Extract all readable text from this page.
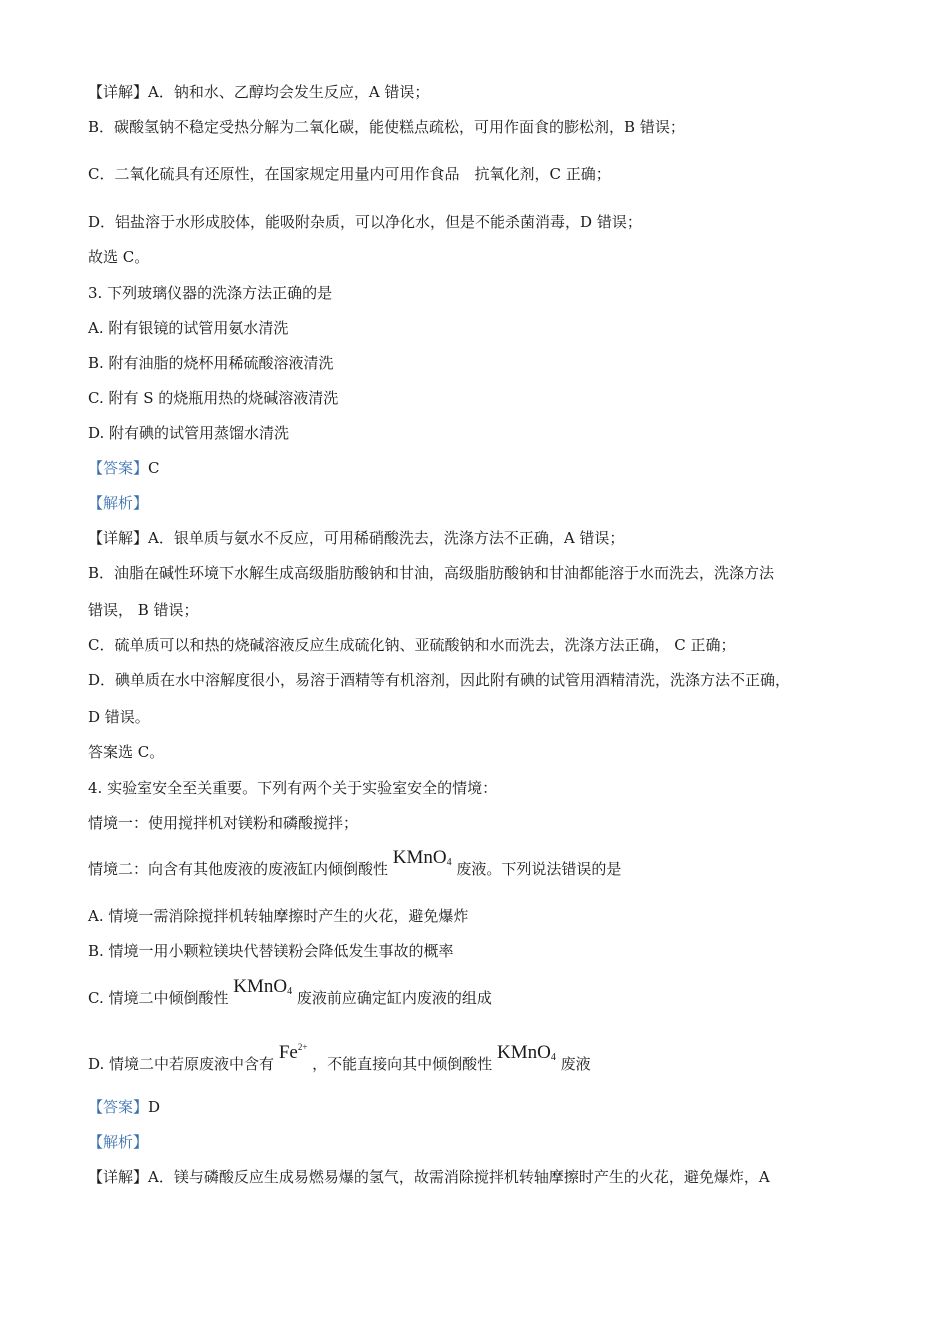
【详解】A．钠和水、乙醇均会发生反应，A 错误；
B．碳酸氢钠不稳定受热分解为二氧化碳，能使糕点疏松，可用作面食的膨松剂，B 错误；
C．二氧化硫具有还原性，在国家规定用量内可用作食品　抗氧化剂，C 正确；
D．铝盐溶于水形成胶体，能吸附杂质，可以净化水，但是不能杀菌消毒，D 错误；
故选 C。
3. 下列玻璃仪器的洗涤方法正确的是
A. 附有银镜的试管用氨水清洗
B. 附有油脂的烧杯用稀硫酸溶液清洗
C. 附有 S 的烧瓶用热的烧碱溶液清洗
D. 附有碘的试管用蒸馏水清洗
【答案】C
【解析】
【详解】A．银单质与氨水不反应，可用稀硝酸洗去，洗涤方法不正确，A 错误；
B．油脂在碱性环境下水解生成高级脂肪酸钠和甘油，高级脂肪酸钠和甘油都能溶于水而洗去，洗涤方法
错误， B 错误；
C．硫单质可以和热的烧碱溶液反应生成硫化钠、亚硫酸钠和水而洗去，洗涤方法正确， C 正确；
D．碘单质在水中溶解度很小，易溶于酒精等有机溶剂，因此附有碘的试管用酒精清洗，洗涤方法不正确，
D 错误。
答案选 C。
4. 实验室安全至关重要。下列有两个关于实验室安全的情境：
情境一：使用搅拌机对镁粉和磷酸搅拌；
情境二：向含有其他废液的废液缸内倾倒酸性 KMnO$_4$ 废液。下列说法错误的是
A. 情境一需消除搅拌机转轴摩擦时产生的火花，避免爆炸
B. 情境一用小颗粒镁块代替镁粉会降低发生事故的概率
C. 情境二中倾倒酸性 KMnO$_4$ 废液前应确定缸内废液的组成
D. 情境二中若原废液中含有 $Fe^{2+}$ ，不能直接向其中倾倒酸性 KMnO$_4$ 废液
【答案】D
【解析】
【详解】A．镁与磷酸反应生成易燃易爆的氢气，故需消除搅拌机转轴摩擦时产生的火花，避免爆炸，A
